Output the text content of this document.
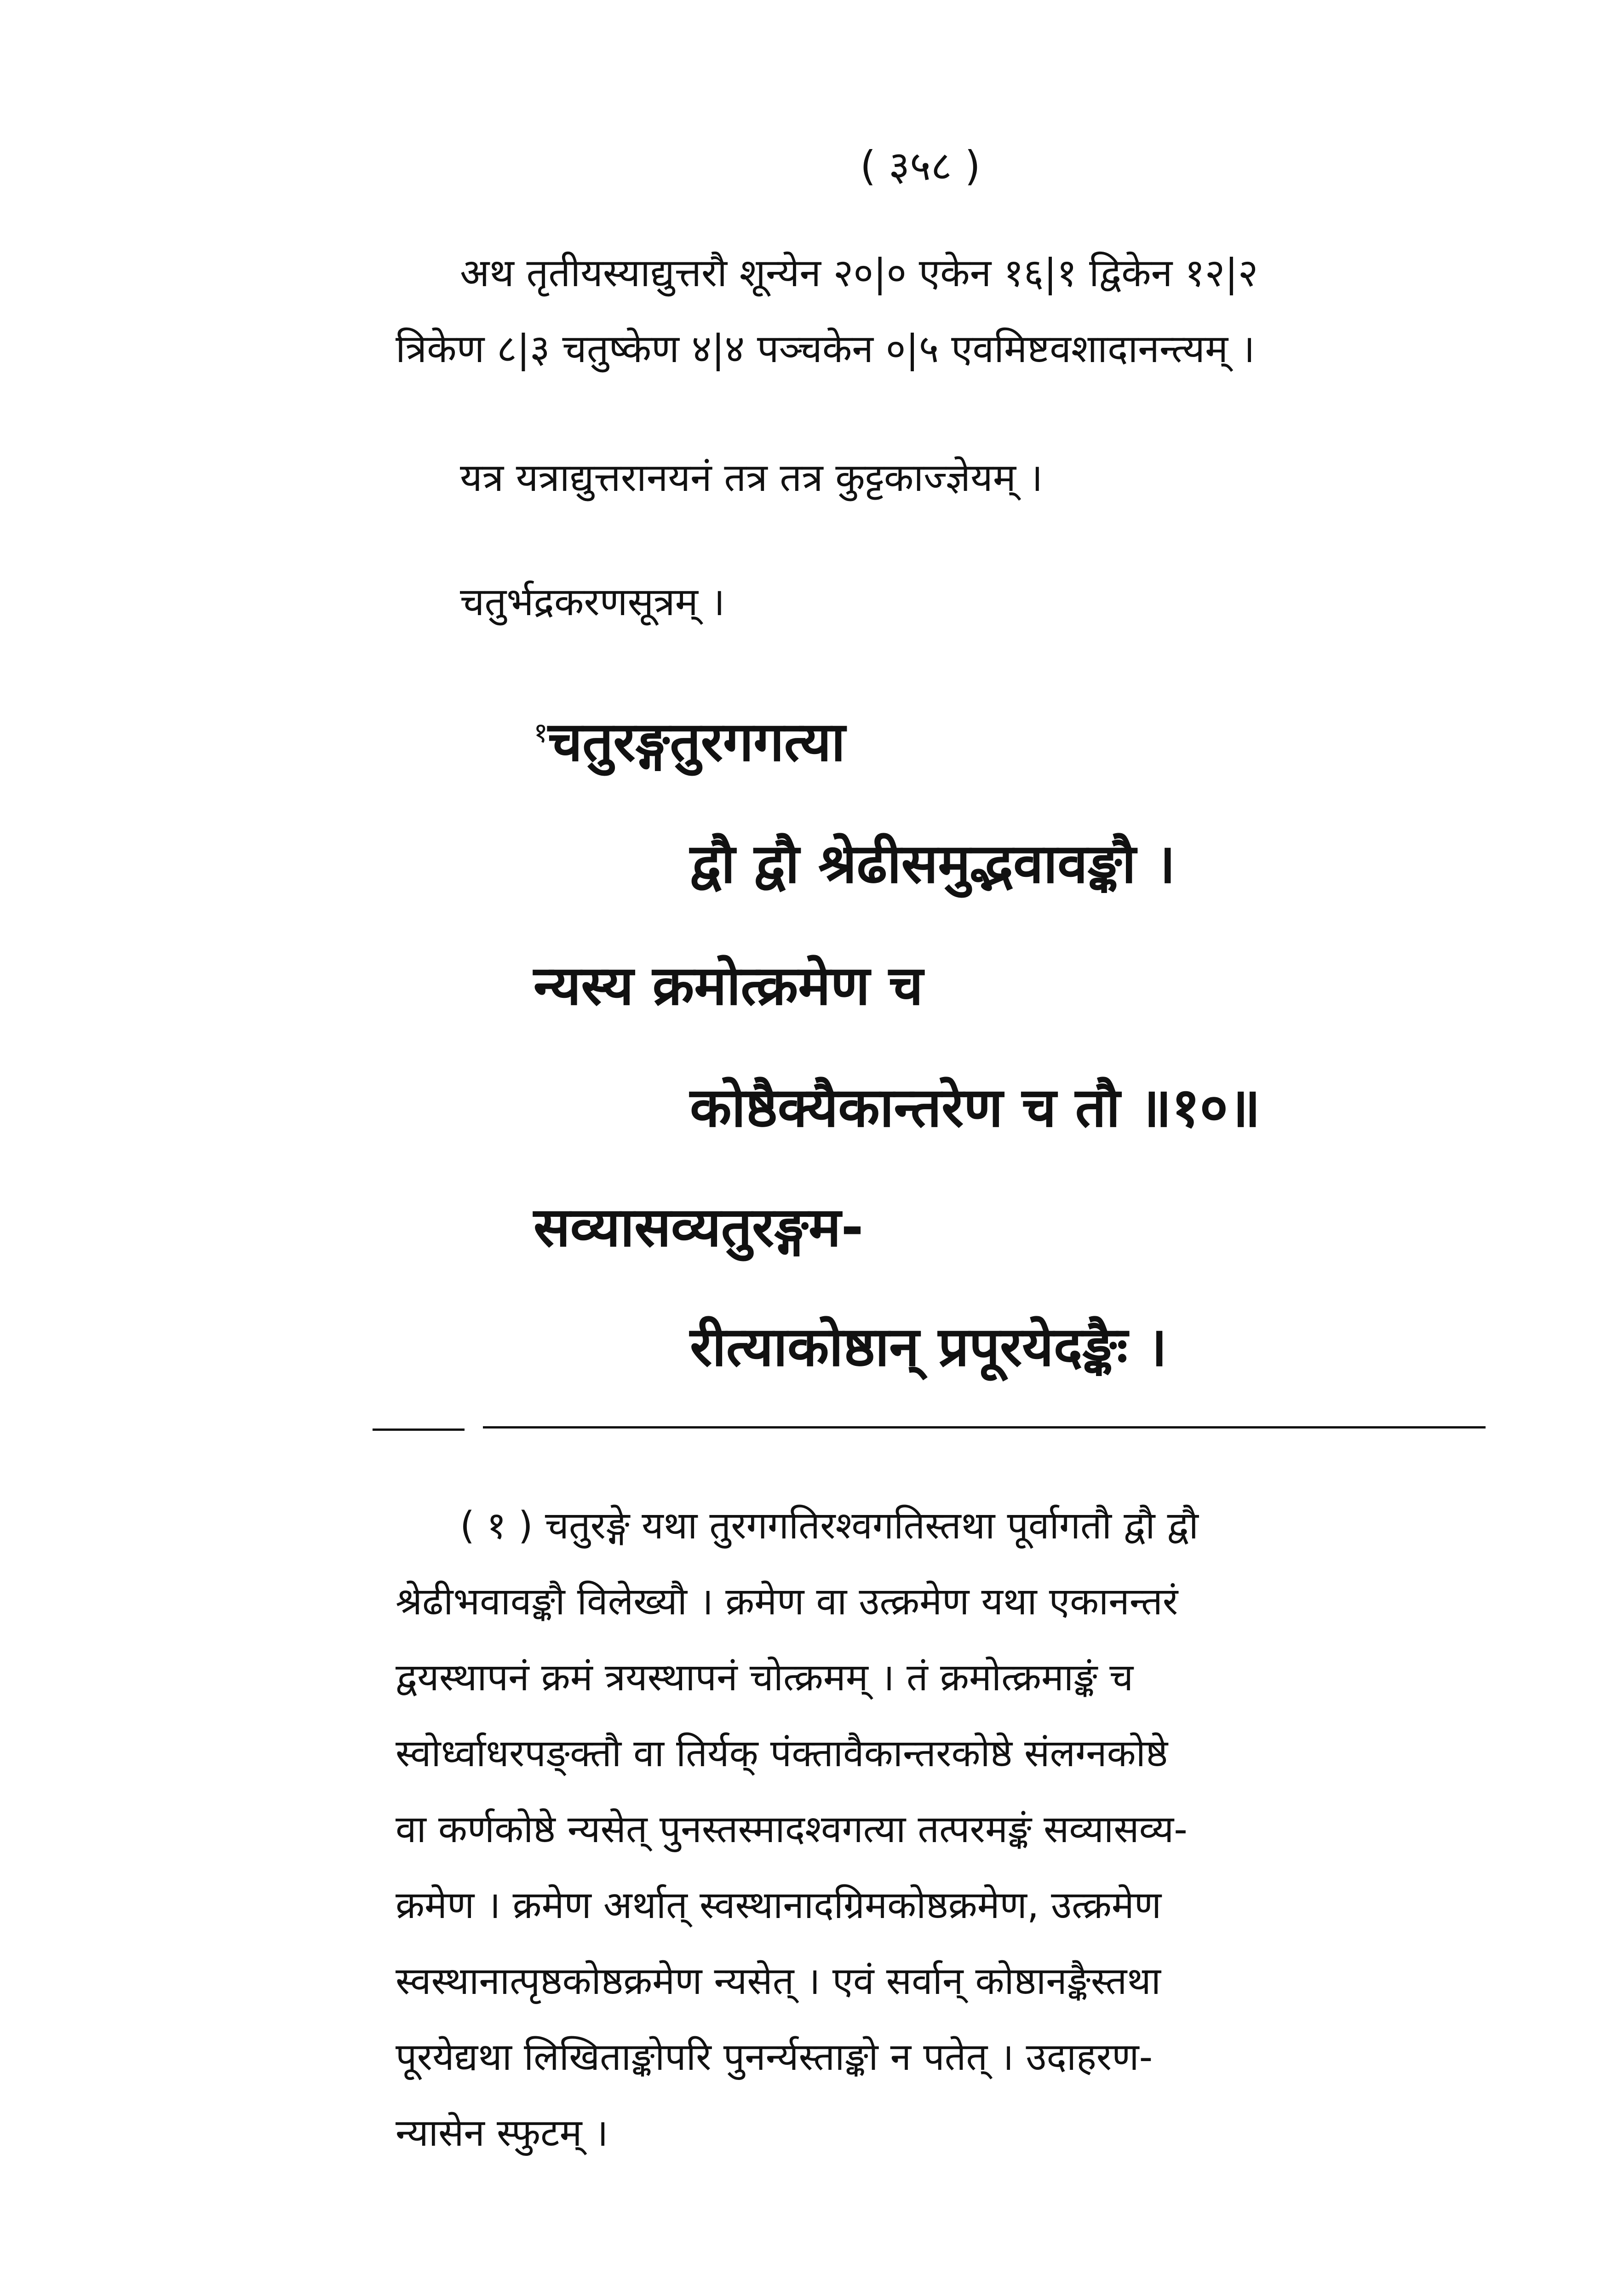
( ३५८ )
अथ तृतीयस्याद्युत्तरौ शून्येन २०|० एकेन १६|१ द्विकेन १२|२
त्रिकेण ८|३ चतुष्केण ४|४ पञ्चकेन ०|५ एवमिष्टवशादानन्त्यम् ।
यत्र यत्राद्युत्तरानयनं तत्र तत्र कुट्टकाज्ज्ञेयम् ।
चतुर्भद्रकरणसूत्रम् ।
$^१$चतुरङ्गतुरगगत्या
द्वौ द्वौ श्रेढीसमुद्भवावङ्कौ ।
न्यस्य क्रमोत्क्रमेण च
कोष्ठैक्यैकान्तरेण च तौ ॥१०॥
सव्यासव्यतुरङ्गम-
रीत्याकोष्ठान् प्रपूरयेदङ्कैः ।
( १ ) चतुरङ्गे यथा तुरगगतिरश्वगतिस्तथा पूर्वागतौ द्वौ द्वौ
श्रेढीभवावङ्कौ विलेख्यौ । क्रमेण वा उत्क्रमेण यथा एकानन्तरं
द्वयस्थापनं क्रमं त्रयस्थापनं चोत्क्रमम् । तं क्रमोत्क्रमाङ्कं च
स्वोर्ध्वाधरपङ्क्तौ वा तिर्यक् पंक्तावैकान्तरकोष्ठे संलग्नकोष्ठे
वा कर्णकोष्ठे न्यसेत् पुनस्तस्मादश्वगत्या तत्परमङ्कं सव्यासव्य-
क्रमेण । क्रमेण अर्थात् स्वस्थानादग्रिमकोष्ठक्रमेण, उत्क्रमेण
स्वस्थानात्पृष्ठकोष्ठक्रमेण न्यसेत् । एवं सर्वान् कोष्ठानङ्कैस्तथा
पूरयेद्यथा लिखिताङ्कोपरि पुनर्न्यस्ताङ्को न पतेत् । उदाहरण-
न्यासेन स्फुटम् ।
